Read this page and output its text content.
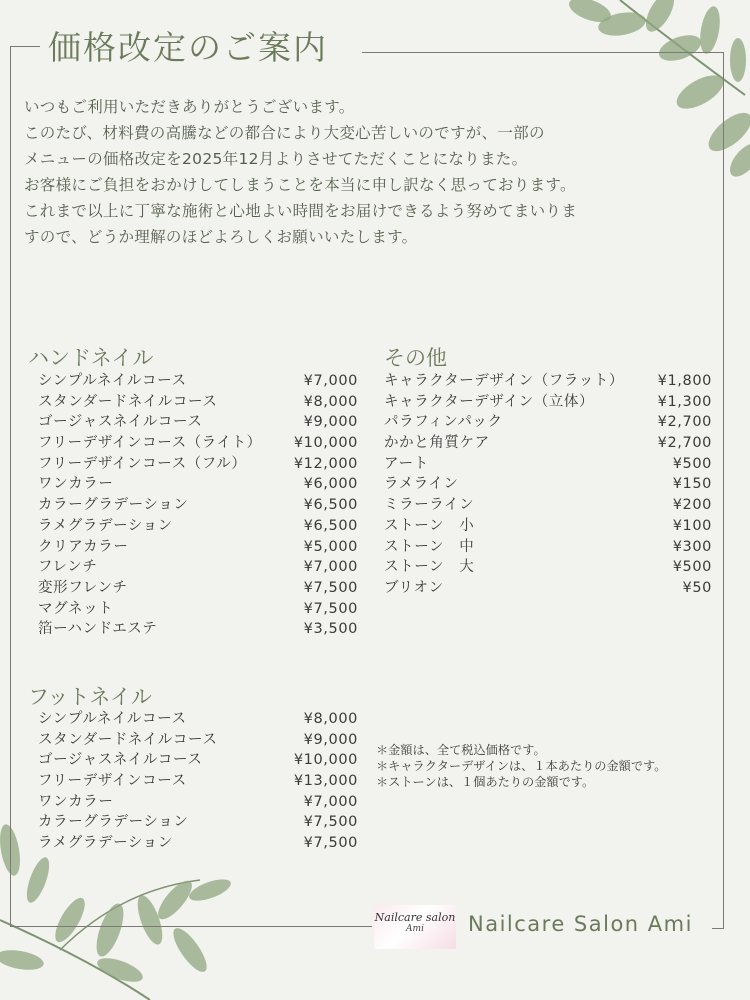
価格改定のご案内

いつもご利用いただきありがとうございます。

このたび、材料費の高騰などの都合により大変心苦しいのですが、一部の

メニューの価格改定を2025年12月よりさせてただくことになりまた。

お客様にご負担をおかけしてしまうことを本当に申し訳なく思っております。

これまで以上に丁寧な施術と心地よい時間をお届けできるよう努めてまいりま

すので、どうか理解のほどよろしくお願いいたします。

ハンドネイル
シンプルネイルコース	¥7,000
スタンダードネイルコース	¥8,000
ゴージャスネイルコース	¥9,000
フリーデザインコース（ライト） ¥10,000
フリーデザインコース（フル）	¥12,000
ワンカラー	¥6,000
カラーグラデーション	¥6,500
ラメグラデーション	¥6,500
クリアカラー	¥5,000
フレンチ	¥7,000
変形フレンチ	¥7,500
マグネット	¥7,500
箔ーハンドエステ	¥3,500
フットネイル
シンプルネイルコース	¥8,000
スタンダードネイルコース	¥9,000
ゴージャスネイルコース	¥10,000
フリーデザインコース	¥13,000
ワンカラー	¥7,000
カラーグラデーション	¥7,500
ラメグラデーション	¥7,500
その他
キャラクターデザイン（フラット） ¥1,800
キャラクターデザイン（立体）	¥1,300
パラフィンパック	¥2,700
かかと角質ケア	¥2,700
アート	¥500
ラメライン	¥150
ミラーライン	¥200
ストーン　小	¥100
ストーン　中	¥300
ストーン　大	¥500
ブリオン	¥50
＊金額は、全て税込価格です。
＊キャラクターデザインは、１本あたりの金額です。
＊ストーンは、１個あたりの金額です。
Nailcare salon
Ami	Nailcare Salon Ami
